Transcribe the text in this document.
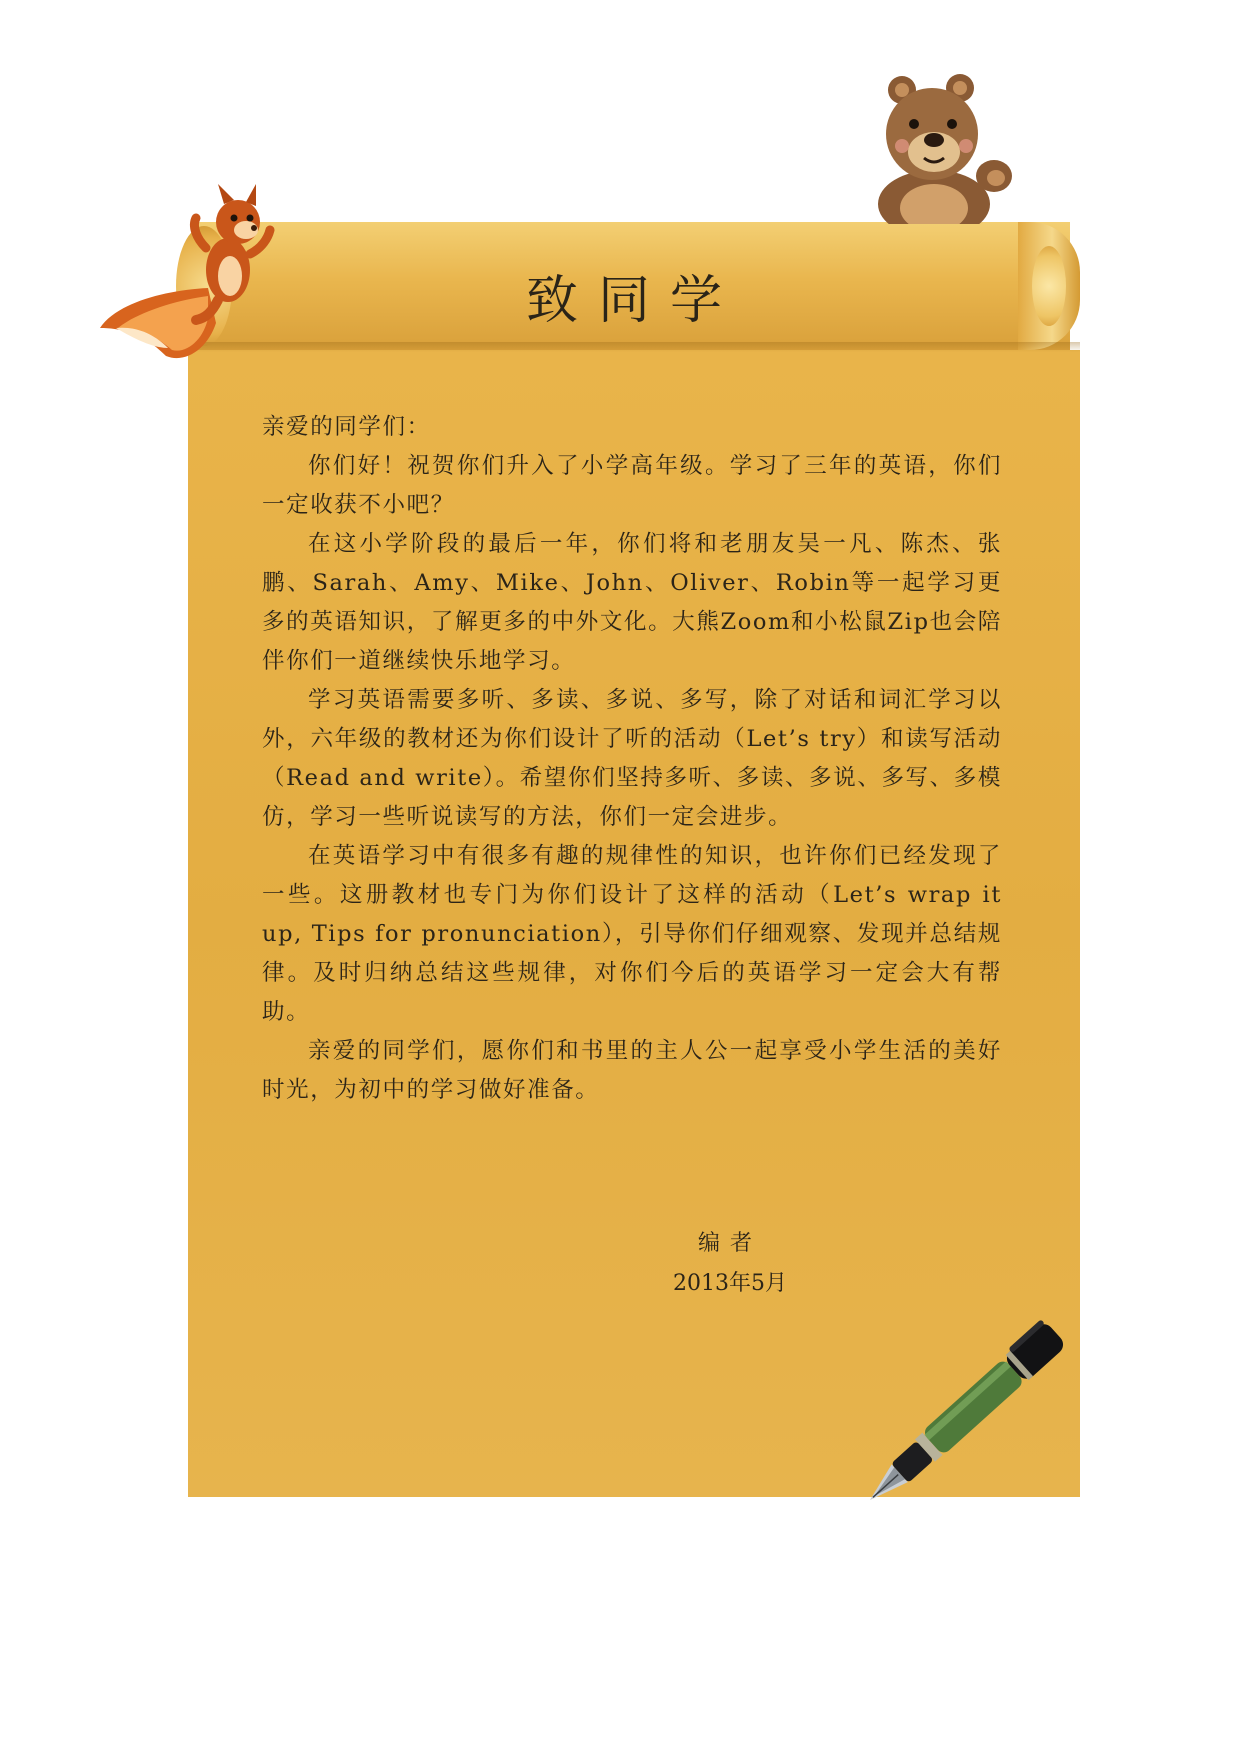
致同学

亲爱的同学们：

你们好！祝贺你们升入了小学高年级。学习了三年的英语，你们一定收获不小吧？

在这小学阶段的最后一年，你们将和老朋友吴一凡、陈杰、张鹏、Sarah、Amy、Mike、John、Oliver、Robin等一起学习更多的英语知识，了解更多的中外文化。大熊Zoom和小松鼠Zip也会陪伴你们一道继续快乐地学习。

学习英语需要多听、多读、多说、多写，除了对话和词汇学习以外，六年级的教材还为你们设计了听的活动（Let’s try）和读写活动（Read and write）。希望你们坚持多听、多读、多说、多写、多模仿，学习一些听说读写的方法，你们一定会进步。

在英语学习中有很多有趣的规律性的知识，也许你们已经发现了一些。这册教材也专门为你们设计了这样的活动（Let’s wrap it up, Tips for pronunciation），引导你们仔细观察、发现并总结规律。及时归纳总结这些规律，对你们今后的英语学习一定会大有帮助。

亲爱的同学们，愿你们和书里的主人公一起享受小学生活的美好时光，为初中的学习做好准备。

编者
2013年5月
